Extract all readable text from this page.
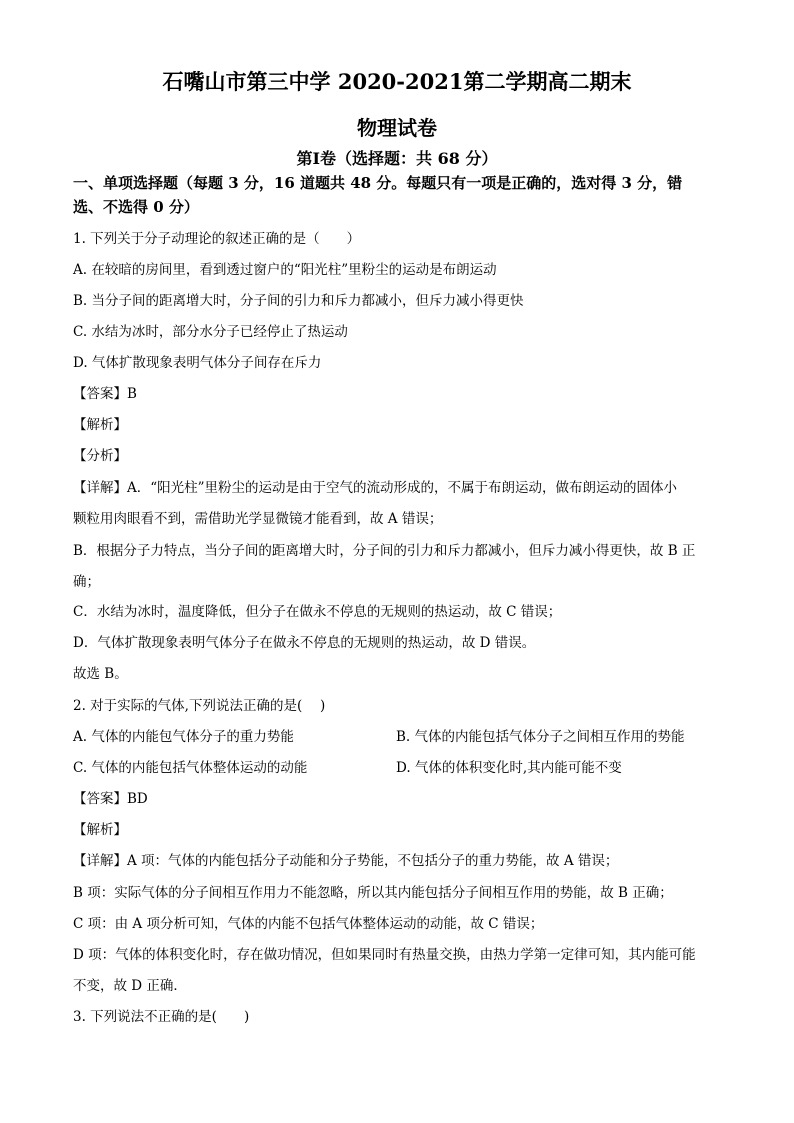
石嘴山市第三中学 2020-2021第二学期高二期末
物理试卷
第Ⅰ卷（选择题：共 68 分）
一、单项选择题（每题 3 分，16 道题共 48 分。每题只有一项是正确的，选对得 3 分，错
选、不选得 0 分）
1. 下列关于分子动理论的叙述正确的是（　　）
A. 在较暗的房间里，看到透过窗户的“阳光柱”里粉尘的运动是布朗运动
B. 当分子间的距离增大时，分子间的引力和斥力都减小，但斥力减小得更快
C. 水结为冰时，部分水分子已经停止了热运动
D. 气体扩散现象表明气体分子间存在斥力
【答案】B
【解析】
【分析】
【详解】A．“阳光柱”里粉尘的运动是由于空气的流动形成的，不属于布朗运动，做布朗运动的固体小
颗粒用肉眼看不到，需借助光学显微镜才能看到，故 A 错误；
B．根据分子力特点，当分子间的距离增大时，分子间的引力和斥力都减小，但斥力减小得更快，故 B 正
确；
C．水结为冰时，温度降低，但分子在做永不停息的无规则的热运动，故 C 错误；
D．气体扩散现象表明气体分子在做永不停息的无规则的热运动，故 D 错误。
故选 B。
2. 对于实际的气体,下列说法正确的是(　 )
A. 气体的内能包气体分子的重力势能	B. 气体的内能包括气体分子之间相互作用的势能
C. 气体的内能包括气体整体运动的动能	D. 气体的体积变化时,其内能可能不变
【答案】BD
【解析】
【详解】A 项：气体的内能包括分子动能和分子势能，不包括分子的重力势能，故 A 错误；
B 项：实际气体的分子间相互作用力不能忽略，所以其内能包括分子间相互作用的势能，故 B 正确；
C 项：由 A 项分析可知，气体的内能不包括气体整体运动的动能，故 C 错误；
D 项：气体的体积变化时，存在做功情况，但如果同时有热量交换，由热力学第一定律可知，其内能可能
不变，故 D 正确．
3. 下列说法不正确的是(　　)
